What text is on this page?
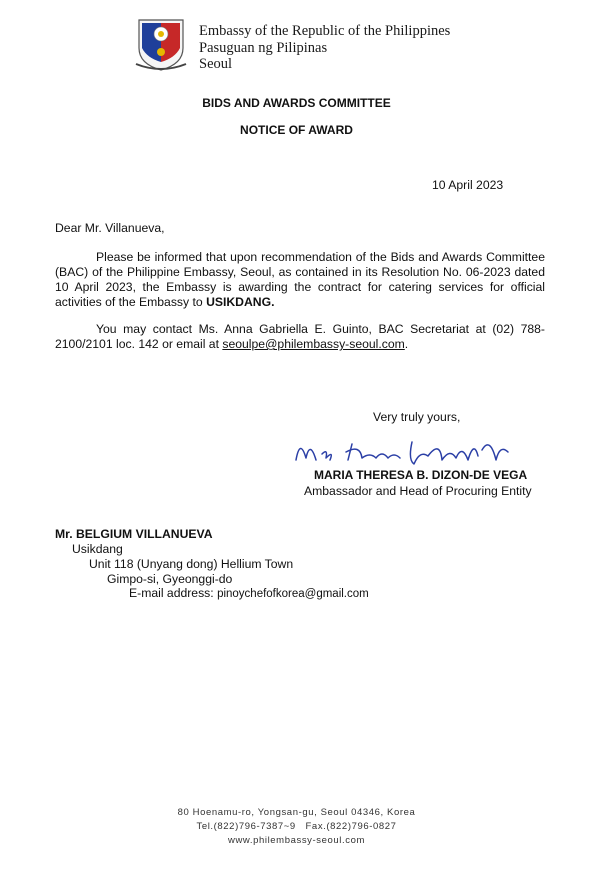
Embassy of the Republic of the Philippines
Pasuguan ng Pilipinas
Seoul
BIDS AND AWARDS COMMITTEE
NOTICE OF AWARD
10 April 2023
Dear Mr. Villanueva,
Please be informed that upon recommendation of the Bids and Awards Committee (BAC) of the Philippine Embassy, Seoul, as contained in its Resolution No. 06-2023 dated 10 April 2023, the Embassy is awarding the contract for catering services for official activities of the Embassy to USIKDANG.
You may contact Ms. Anna Gabriella E. Guinto, BAC Secretariat at (02) 788-2100/2101 loc. 142 or email at seoulpe@philembassy-seoul.com.
Very truly yours,
MARIA THERESA B. DIZON-DE VEGA
Ambassador and Head of Procuring Entity
Mr. BELGIUM VILLANUEVA
Usikdang
Unit 118 (Unyang dong) Hellium Town
Gimpo-si, Gyeonggi-do
E-mail address: pinoychefofkorea@gmail.com
80 Hoenamu-ro, Yongsan-gu, Seoul 04346, Korea
Tel.(822)796-7387~9   Fax.(822)796-0827
www.philembassy-seoul.com
